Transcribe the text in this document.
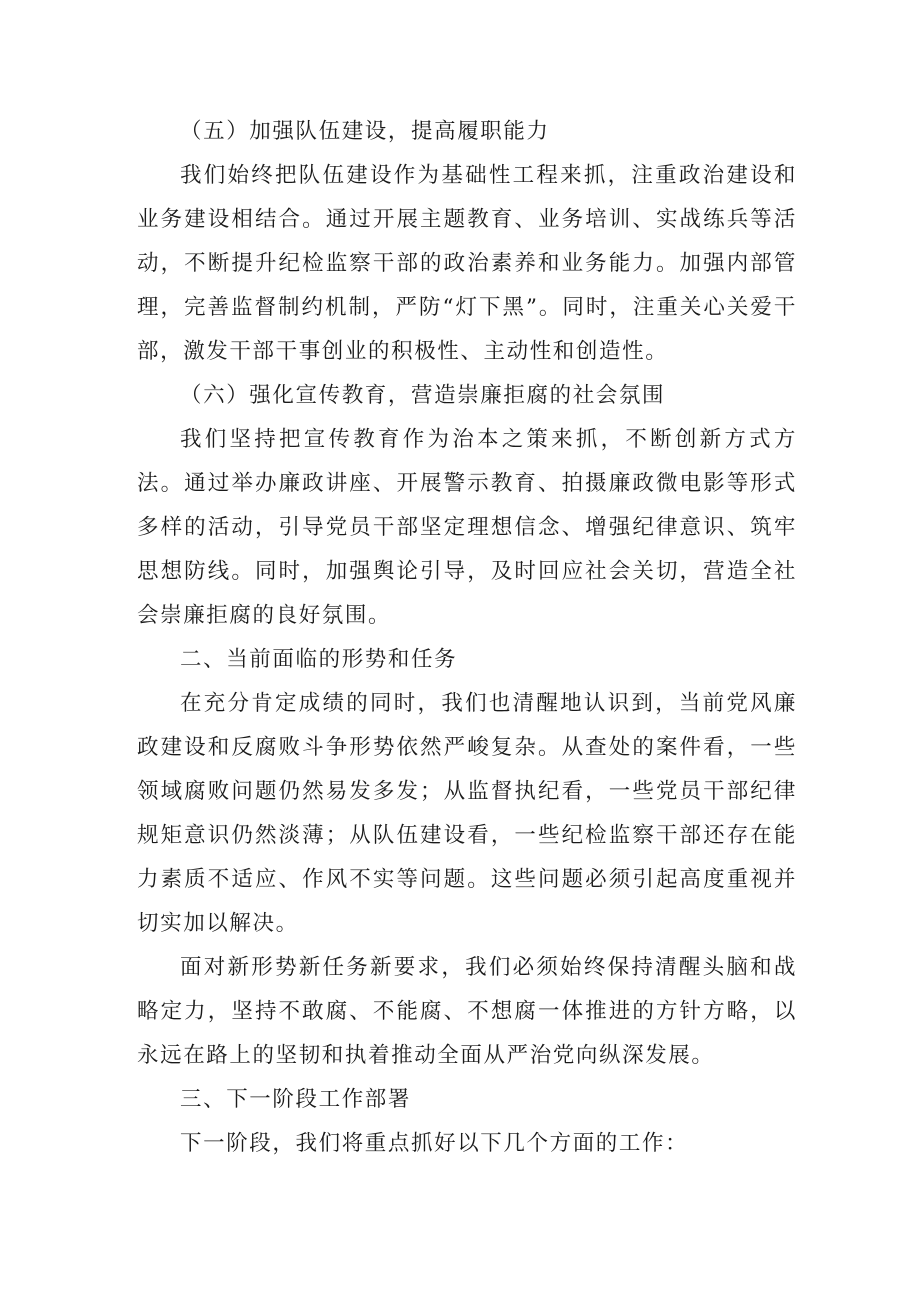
（五）加强队伍建设，提高履职能力

我们始终把队伍建设作为基础性工程来抓，注重政治建设和业务建设相结合。通过开展主题教育、业务培训、实战练兵等活动，不断提升纪检监察干部的政治素养和业务能力。加强内部管理，完善监督制约机制，严防“灯下黑”。同时，注重关心关爱干部，激发干部干事创业的积极性、主动性和创造性。

（六）强化宣传教育，营造崇廉拒腐的社会氛围

我们坚持把宣传教育作为治本之策来抓，不断创新方式方法。通过举办廉政讲座、开展警示教育、拍摄廉政微电影等形式多样的活动，引导党员干部坚定理想信念、增强纪律意识、筑牢思想防线。同时，加强舆论引导，及时回应社会关切，营造全社会崇廉拒腐的良好氛围。

二、当前面临的形势和任务

在充分肯定成绩的同时，我们也清醒地认识到，当前党风廉政建设和反腐败斗争形势依然严峻复杂。从查处的案件看，一些领域腐败问题仍然易发多发；从监督执纪看，一些党员干部纪律规矩意识仍然淡薄；从队伍建设看，一些纪检监察干部还存在能力素质不适应、作风不实等问题。这些问题必须引起高度重视并切实加以解决。

面对新形势新任务新要求，我们必须始终保持清醒头脑和战略定力，坚持不敢腐、不能腐、不想腐一体推进的方针方略，以永远在路上的坚韧和执着推动全面从严治党向纵深发展。

三、下一阶段工作部署

下一阶段，我们将重点抓好以下几个方面的工作：
